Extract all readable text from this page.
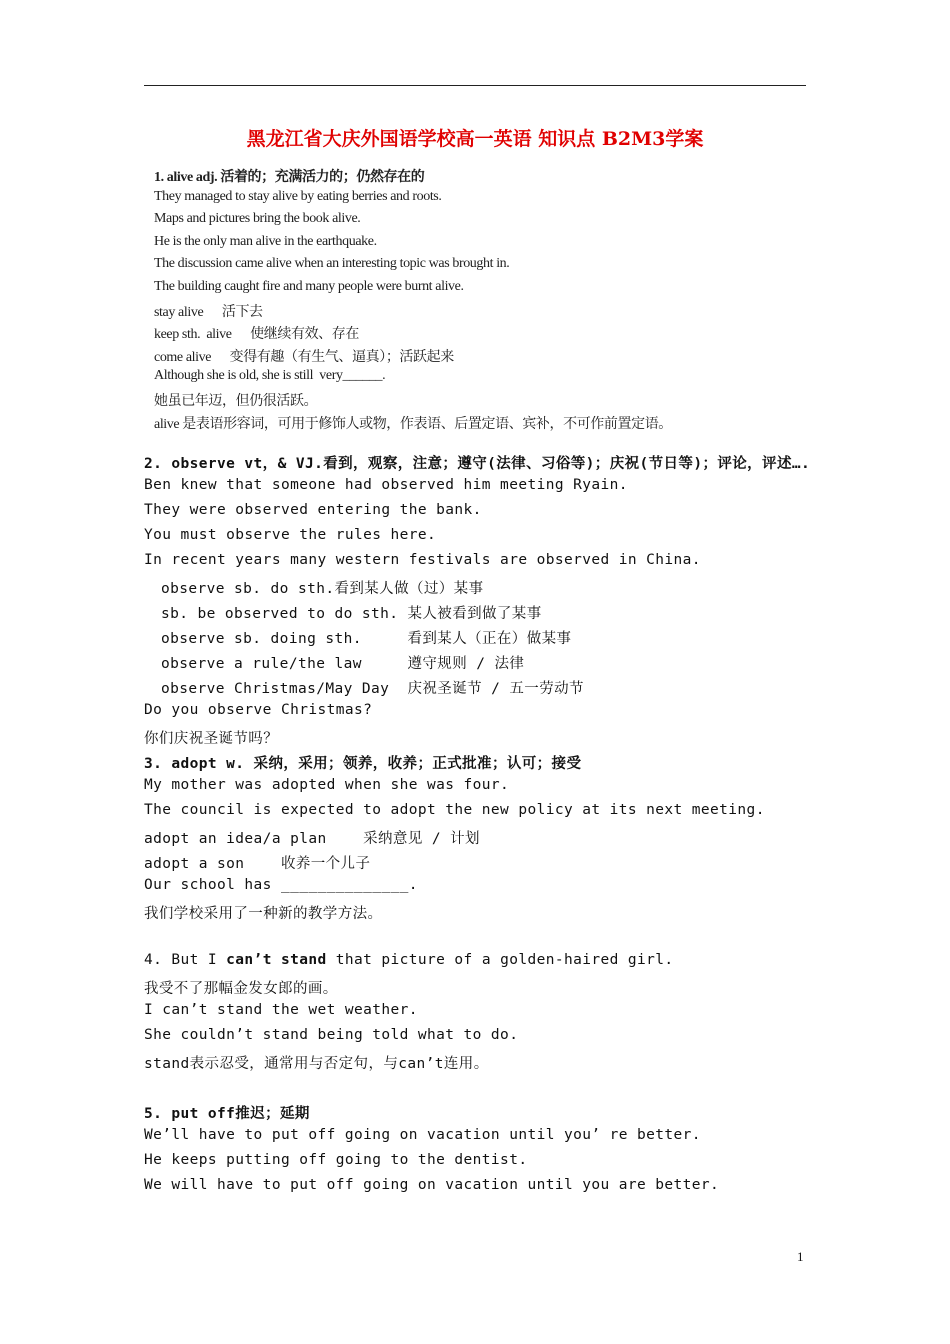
黑龙江省大庆外国语学校高一英语 知识点 B2M3学案
1. alive adj. 活着的；充满活力的；仍然存在的
They managed to stay alive by eating berries and roots.
Maps and pictures bring the book alive.
He is the only man alive in the earthquake.
The discussion came alive when an interesting topic was brought in.
The building caught fire and many people were burnt alive.
stay alive      活下去
keep sth.  alive      使继续有效、存在
come alive      变得有趣（有生气、逼真）；活跃起来
Although she is old, she is still  very______.
她虽已年迈，但仍很活跃。
alive 是表语形容词，可用于修饰人或物，作表语、后置定语、宾补，不可作前置定语。
2. observe vt，& VJ.看到，观察，注意；遵守(法律、习俗等)；庆祝(节日等)；评论，评述….
Ben knew that someone had observed him meeting Ryain.
They were observed entering the bank.
You must observe the rules here.
In recent years many western festivals are observed in China.
observe sb. do sth.看到某人做（过）某事
sb. be observed to do sth. 某人被看到做了某事
observe sb. doing sth.     看到某人（正在）做某事
observe a rule/the law     遵守规则 / 法律
observe Christmas/May Day  庆祝圣诞节 / 五一劳动节
Do you observe Christmas?
你们庆祝圣诞节吗？
3. adopt w. 采纳，采用；领养，收养；正式批准；认可；接受
My mother was adopted when she was four.
The council is expected to adopt the new policy at its next meeting.
adopt an idea/a plan    采纳意见 / 计划
adopt a son    收养一个儿子
Our school has ______________.
我们学校采用了一种新的教学方法。
4. But I can’t stand that picture of a golden-haired girl.
我受不了那幅金发女郎的画。
I can’t stand the wet weather.
She couldn’t stand being told what to do.
stand表示忍受，通常用与否定句，与can’t连用。
5. put off推迟；延期
We’ll have to put off going on vacation until you’ re better.
He keeps putting off going to the dentist.
We will have to put off going on vacation until you are better.
1
